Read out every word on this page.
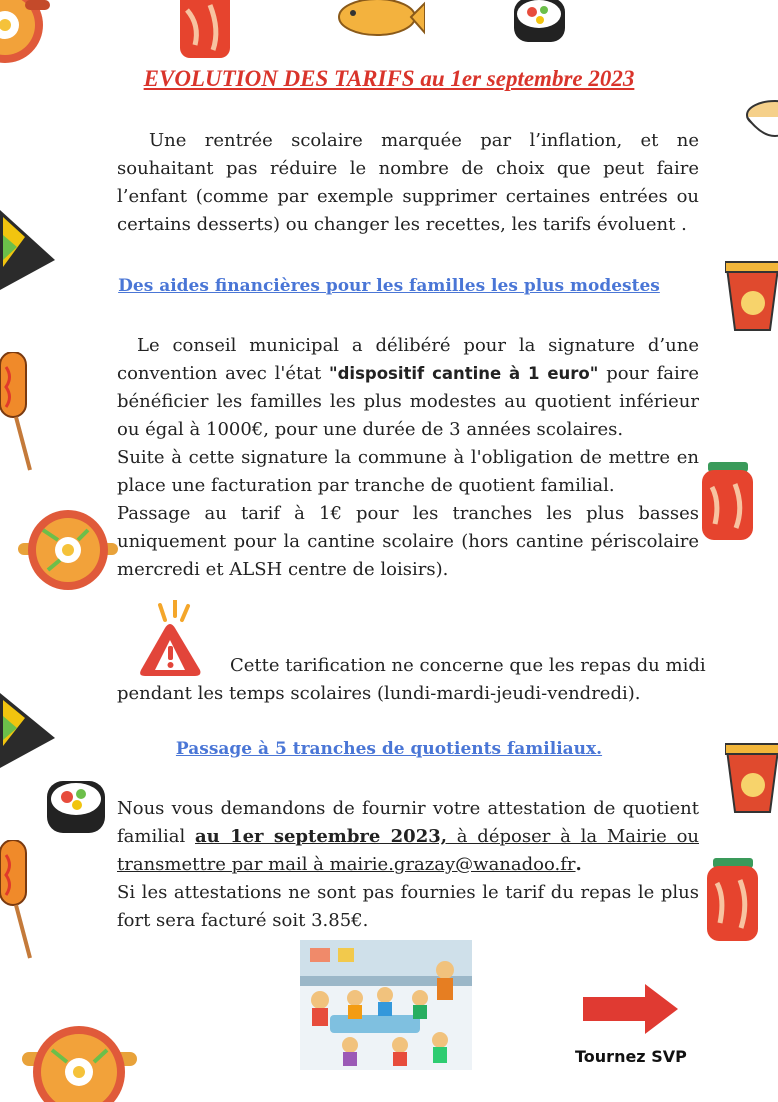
EVOLUTION DES TARIFS au 1er septembre 2023

Une rentrée scolaire marquée par l’inflation, et ne souhaitant pas réduire le nombre de choix que peut faire l’enfant (comme par exemple supprimer certaines entrées ou certains desserts) ou changer les recettes, les tarifs évoluent .

Des aides financières pour les familles les plus modestes

Le conseil municipal a délibéré pour la signature d’une convention avec l'état "dispositif cantine à 1 euro" pour faire bénéficier les familles les plus modestes au quotient inférieur ou égal à 1000€, pour une durée de 3 années scolaires.

Suite à cette signature la commune à l'obligation de mettre en place une facturation par tranche de quotient familial.

Passage au tarif à 1€ pour les tranches les plus basses uniquement pour la cantine scolaire (hors cantine périscolaire mercredi et ALSH centre de loisirs).

Cette tarification ne concerne que les repas du midi
pendant les temps scolaires (lundi-mardi-jeudi-vendredi).
Passage à 5 tranches de quotients familiaux.

Nous vous demandons de fournir votre attestation de quotient familial au 1er septembre 2023, à déposer à la Mairie ou transmettre par mail à mairie.grazay@wanadoo.fr.

Si les attestations ne sont pas fournies le tarif du repas le plus fort sera facturé soit 3.85€.

Tournez SVP
